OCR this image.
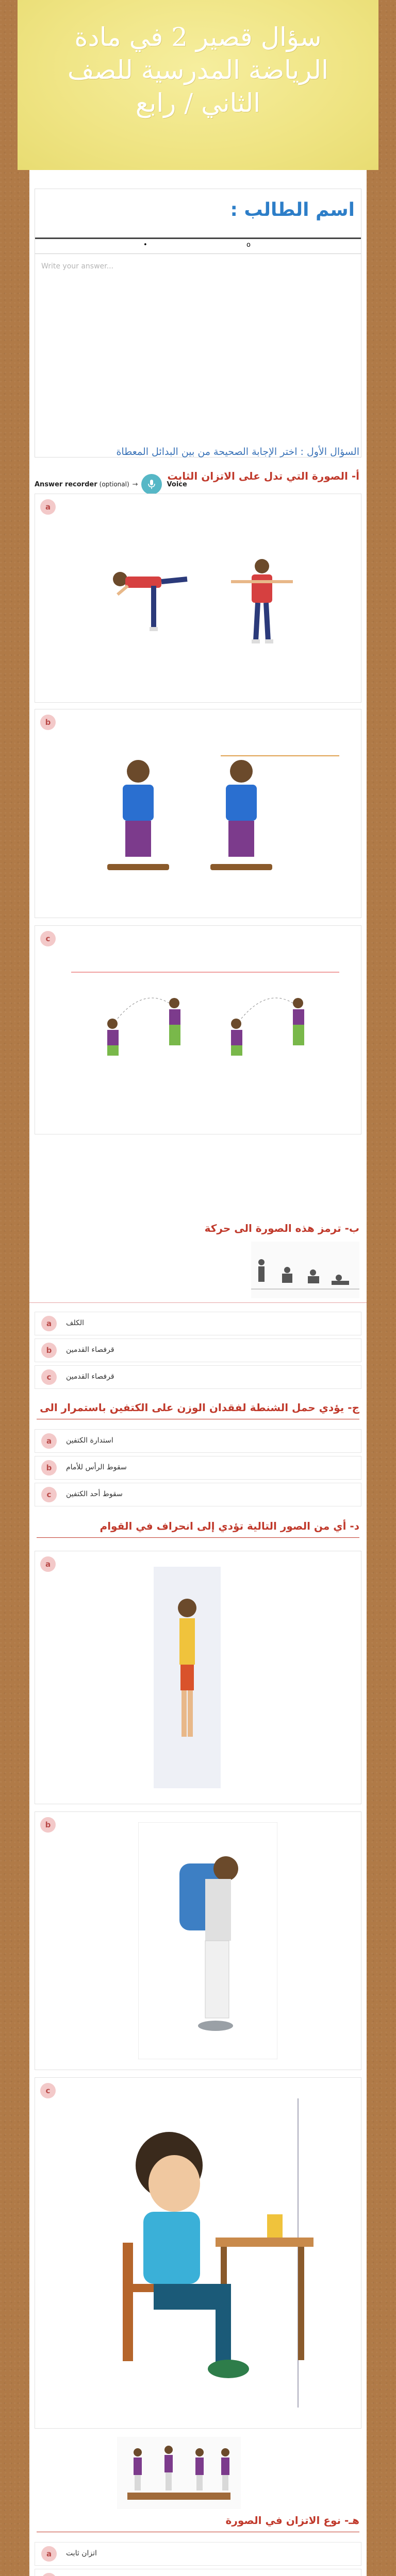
سؤال قصير 2 في مادة الرياضة المدرسية للصف الثاني / رابع
اسم الطالب :
•	o
Write your answer...
Answer recorder (optional) →	Voice
السؤال الأول : اختر الإجابة الصحيحة من بين البدائل المعطاة
أ- الصورة التي تدل على الاتزان الثابت
a
b
c
ب- ترمز هذه الصورة الى حركة
a	الكلف
b	قرفصاء القدمين
c	قرفصاء القدمين
ج- يؤدي حمل الشنطة لفقدان الوزن على الكتفين باستمرار الى
a	استدارة الكتفين
b	سقوط الرأس للأمام
c	سقوط أحد الكتفين
د- أي من الصور التالية تؤدي إلى انحراف في القوام
a
b
c
هـ- نوع الاتزان في الصورة
a	اتزان ثابت
